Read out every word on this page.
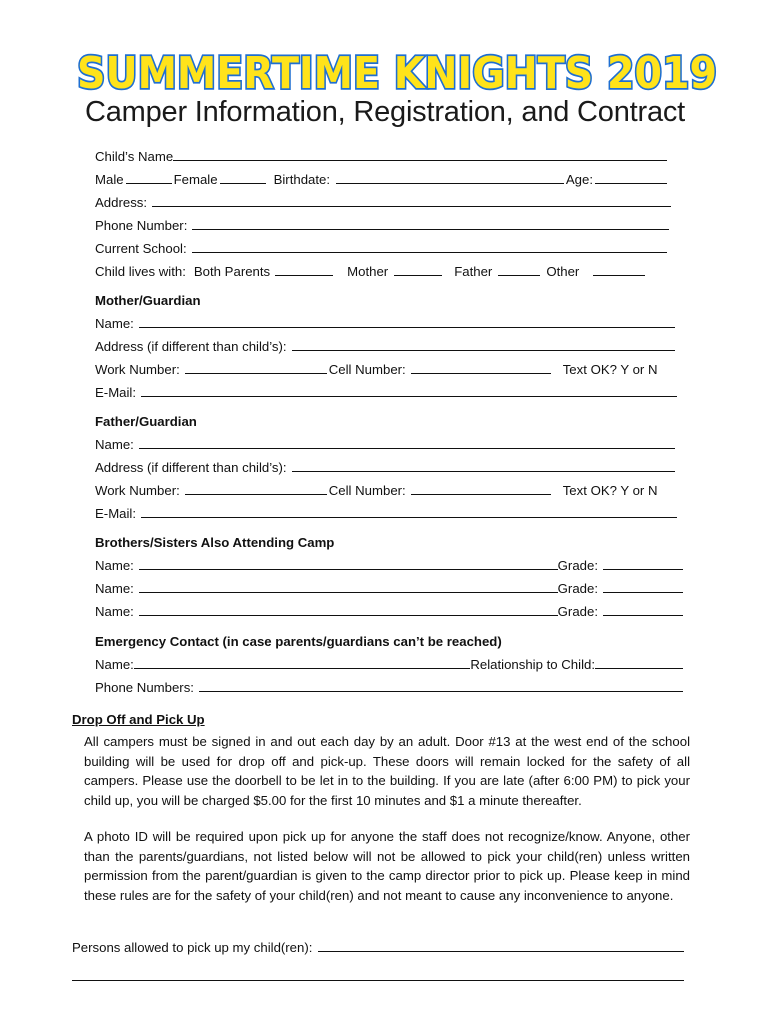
SUMMERTIME KNIGHTS 2019
Camper Information, Registration, and Contract
Child’s Name
Male	Female	Birthdate:	Age:
Address:
Phone Number:
Current School:
Child lives with: Both Parents	Mother	Father	Other
Mother/Guardian
Name:
Address (if different than child’s):
Work Number:	Cell Number:	Text OK? Y or N
E-Mail:
Father/Guardian
Name:
Address (if different than child’s):
Work Number:	Cell Number:	Text OK? Y or N
E-Mail:
Brothers/Sisters Also Attending Camp
Name:	Grade:
Name:	Grade:
Name:	Grade:
Emergency Contact (in case parents/guardians can’t be reached)
Name:	Relationship to Child:
Phone Numbers:
Drop Off and Pick Up

All campers must be signed in and out each day by an adult. Door #13 at the west end of the school building will be used for drop off and pick-up. These doors will remain locked for the safety of all campers. Please use the doorbell to be let in to the building. If you are late (after 6:00 PM) to pick your child up, you will be charged $5.00 for the first 10 minutes and $1 a minute thereafter.

A photo ID will be required upon pick up for anyone the staff does not recognize/know. Anyone, other than the parents/guardians, not listed below will not be allowed to pick your child(ren) unless written permission from the parent/guardian is given to the camp director prior to pick up. Please keep in mind these rules are for the safety of your child(ren) and not meant to cause any inconvenience to anyone.

Persons allowed to pick up my child(ren):
